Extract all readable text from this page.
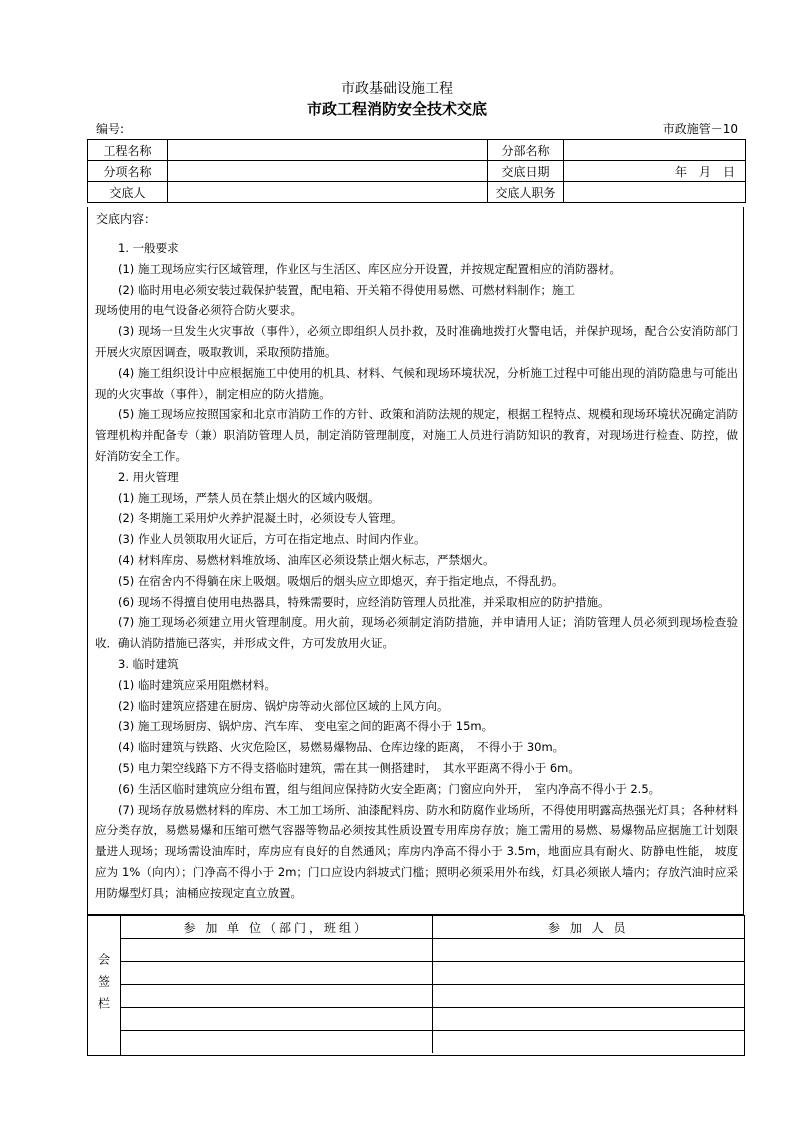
市政基础设施工程
市政工程消防安全技术交底
编号:	市政施管－10
工程名称		分部名称	
分项名称		交底日期	年　月　日
交底人		交底人职务	
交底内容：

1. 一般要求

(1) 施工现场应实行区域管理，作业区与生活区、库区应分开设置，并按规定配置相应的消防器材。

(2) 临时用电必须安装过载保护装置，配电箱、开关箱不得使用易燃、可燃材料制作；施工

现场使用的电气设备必须符合防火要求。

(3) 现场一旦发生火灾事故（事件），必须立即组织人员扑救，及时准确地拨打火警电话，并保护现场，配合公安消防部门开展火灾原因调查，吸取教训，采取预防措施。

(4) 施工组织设计中应根据施工中使用的机具、材料、气候和现场环境状况，分析施工过程中可能出现的消防隐患与可能出现的火灾事故（事件），制定相应的防火措施。

(5) 施工现场应按照国家和北京市消防工作的方针、政策和消防法规的规定，根据工程特点、规模和现场环境状况确定消防管理机构并配备专（兼）职消防管理人员，制定消防管理制度，对施工人员进行消防知识的教育，对现场进行检查、防控，做好消防安全工作。

2. 用火管理

(1) 施工现场，严禁人员在禁止烟火的区域内吸烟。

(2) 冬期施工采用炉火养护混凝土时，必须设专人管理。

(3) 作业人员领取用火证后，方可在指定地点、时间内作业。

(4) 材料库房、易燃材料堆放场、油库区必须设禁止烟火标志，严禁烟火。

(5) 在宿舍内不得躺在床上吸烟。吸烟后的烟头应立即熄灭，弃于指定地点，不得乱扔。

(6) 现场不得擅自使用电热器具，特殊需要时，应经消防管理人员批准，并采取相应的防护措施。

(7) 施工现场必须建立用火管理制度。用火前，现场必须制定消防措施，并申请用人证；消防管理人员必须到现场检查验收．确认消防措施已落实，并形成文件，方可发放用火证。

3. 临时建筑

(1) 临时建筑应采用阻燃材料。

(2) 临时建筑应搭建在厨房、锅炉房等动火部位区域的上风方向。

(3) 施工现场厨房、锅炉房、汽车库、 变电室之间的距离不得小于 15m。

(4) 临时建筑与铁路、火灾危险区，易燃易爆物品、仓库边缘的距离，　不得小于 30m。

(5) 电力架空线路下方不得支搭临时建筑，需在其一侧搭建时，　其水平距离不得小于 6m。

(6) 生活区临时建筑应分组布置，组与组间应保持防火安全距离；门窗应向外开，　室内净高不得小于 2.5。

(7) 现场存放易燃材料的库房、木工加工场所、油漆配料房、防水和防腐作业场所，不得使用明露高热强光灯具；各种材料应分类存放，易燃易爆和压缩可燃气容器等物品必须按其性质设置专用库房存放；施工需用的易燃、易爆物品应据施工计划限量进人现场；现场需设油库时，库房应有良好的自然通风；库房内净高不得小于 3.5m，地面应具有耐火、防静电性能， 坡度应为 1%（向内）；门净高不得小于 2m；门口应设内斜坡式门槛；照明必须采用外布线，灯具必须嵌人墙内；存放汽油时应采用防爆型灯具；油桶应按现定直立放置。

会签栏
参 加 单 位（部门，班组）	参 加 人 员
